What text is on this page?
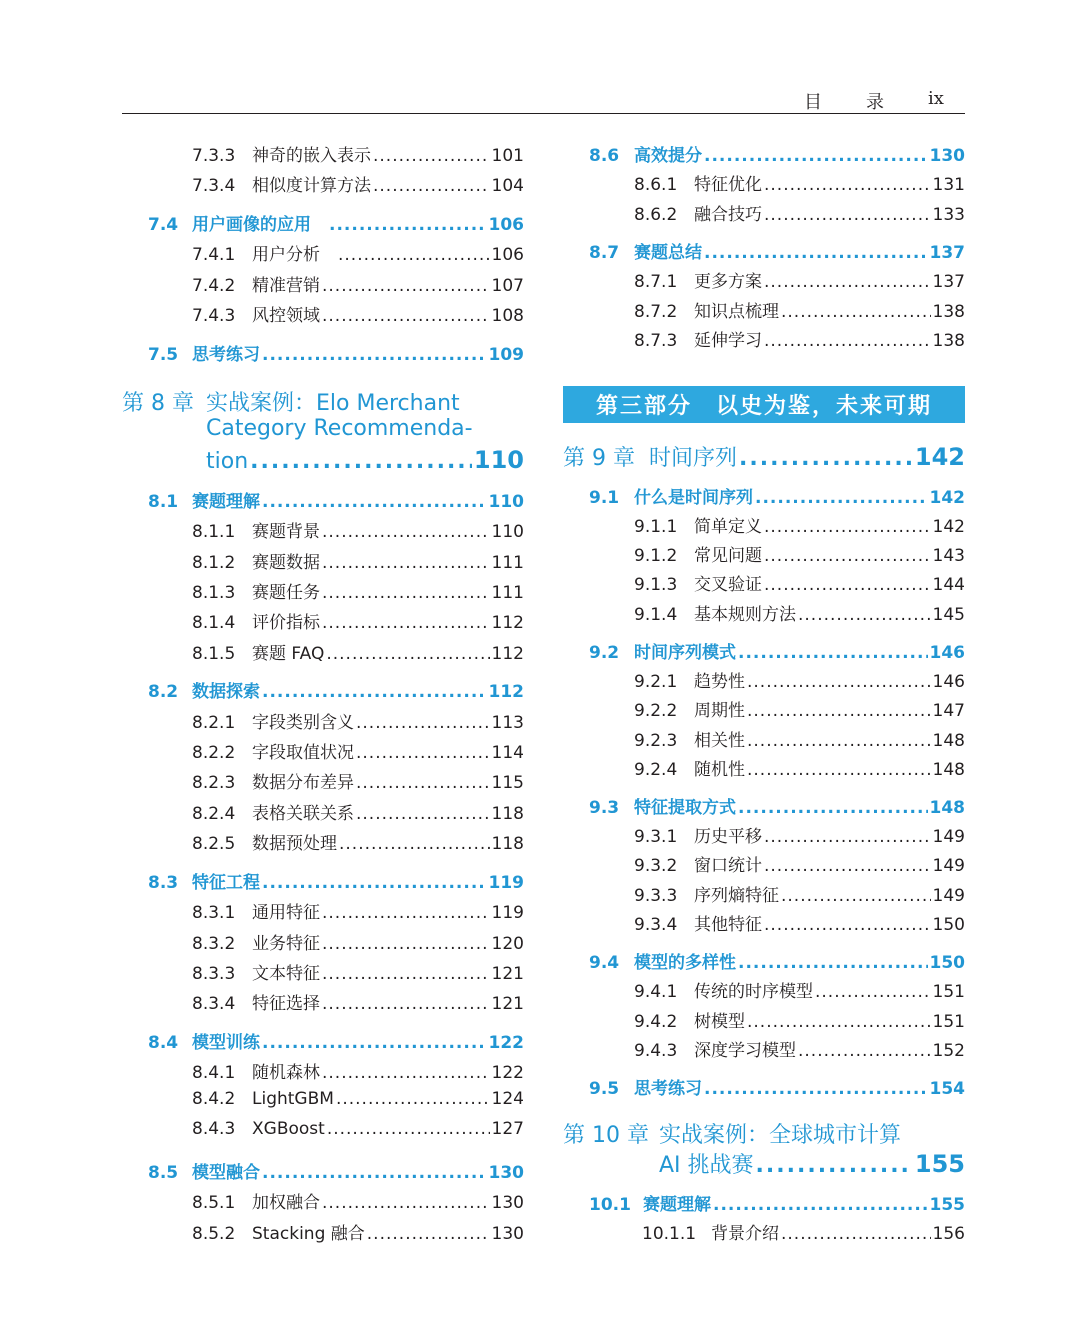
目 录 ix
7.3.3 神奇的嵌入表示 .....	101
7.3.4 相似度计算方法 .....	104
7.4 用户画像的应用 .....	106
7.4.1 用户分析 .....	106
7.4.2 精准营销 .....	107
7.4.3 风控领域 .....	108
7.5 思考练习 .....	109
第 8 章 实战案例：Elo Merchant
Category Recommenda-
tion .....	110
8.1 赛题理解 .....	110
8.1.1 赛题背景 .....	110
8.1.2 赛题数据 .....	111
8.1.3 赛题任务 .....	111
8.1.4 评价指标 .....	112
8.1.5 赛题 FAQ .....	112
8.2 数据探索 .....	112
8.2.1 字段类别含义 .....	113
8.2.2 字段取值状况 .....	114
8.2.3 数据分布差异 .....	115
8.2.4 表格关联关系 .....	118
8.2.5 数据预处理 .....	118
8.3 特征工程 .....	119
8.3.1 通用特征 .....	119
8.3.2 业务特征 .....	120
8.3.3 文本特征 .....	121
8.3.4 特征选择 .....	121
8.4 模型训练 .....	122
8.4.1 随机森林 .....	122
8.4.2 LightGBM .....	124
8.4.3 XGBoost .....	127
8.5 模型融合 .....	130
8.5.1 加权融合 .....	130
8.5.2 Stacking 融合 .....	130
8.6 高效提分 .....	130
8.6.1 特征优化 .....	131
8.6.2 融合技巧 .....	133
8.7 赛题总结 .....	137
8.7.1 更多方案 .....	137
8.7.2 知识点梳理 .....	138
8.7.3 延伸学习 .....	138
第 9 章 时间序列 .....	142
9.1 什么是时间序列 .....	142
9.1.1 简单定义 .....	142
9.1.2 常见问题 .....	143
9.1.3 交叉验证 .....	144
9.1.4 基本规则方法 .....	145
9.2 时间序列模式 .....	146
9.2.1 趋势性 .....	146
9.2.2 周期性 .....	147
9.2.3 相关性 .....	148
9.2.4 随机性 .....	148
9.3 特征提取方式 .....	148
9.3.1 历史平移 .....	149
9.3.2 窗口统计 .....	149
9.3.3 序列熵特征 .....	149
9.3.4 其他特征 .....	150
9.4 模型的多样性 .....	150
9.4.1 传统的时序模型 .....	151
9.4.2 树模型 .....	151
9.4.3 深度学习模型 .....	152
9.5 思考练习 .....	154
第 10 章 实战案例：全球城市计算
AI 挑战赛 .....	155
10.1 赛题理解 .....	155
10.1.1 背景介绍 .....	156
第三部分　以史为鉴，未来可期
